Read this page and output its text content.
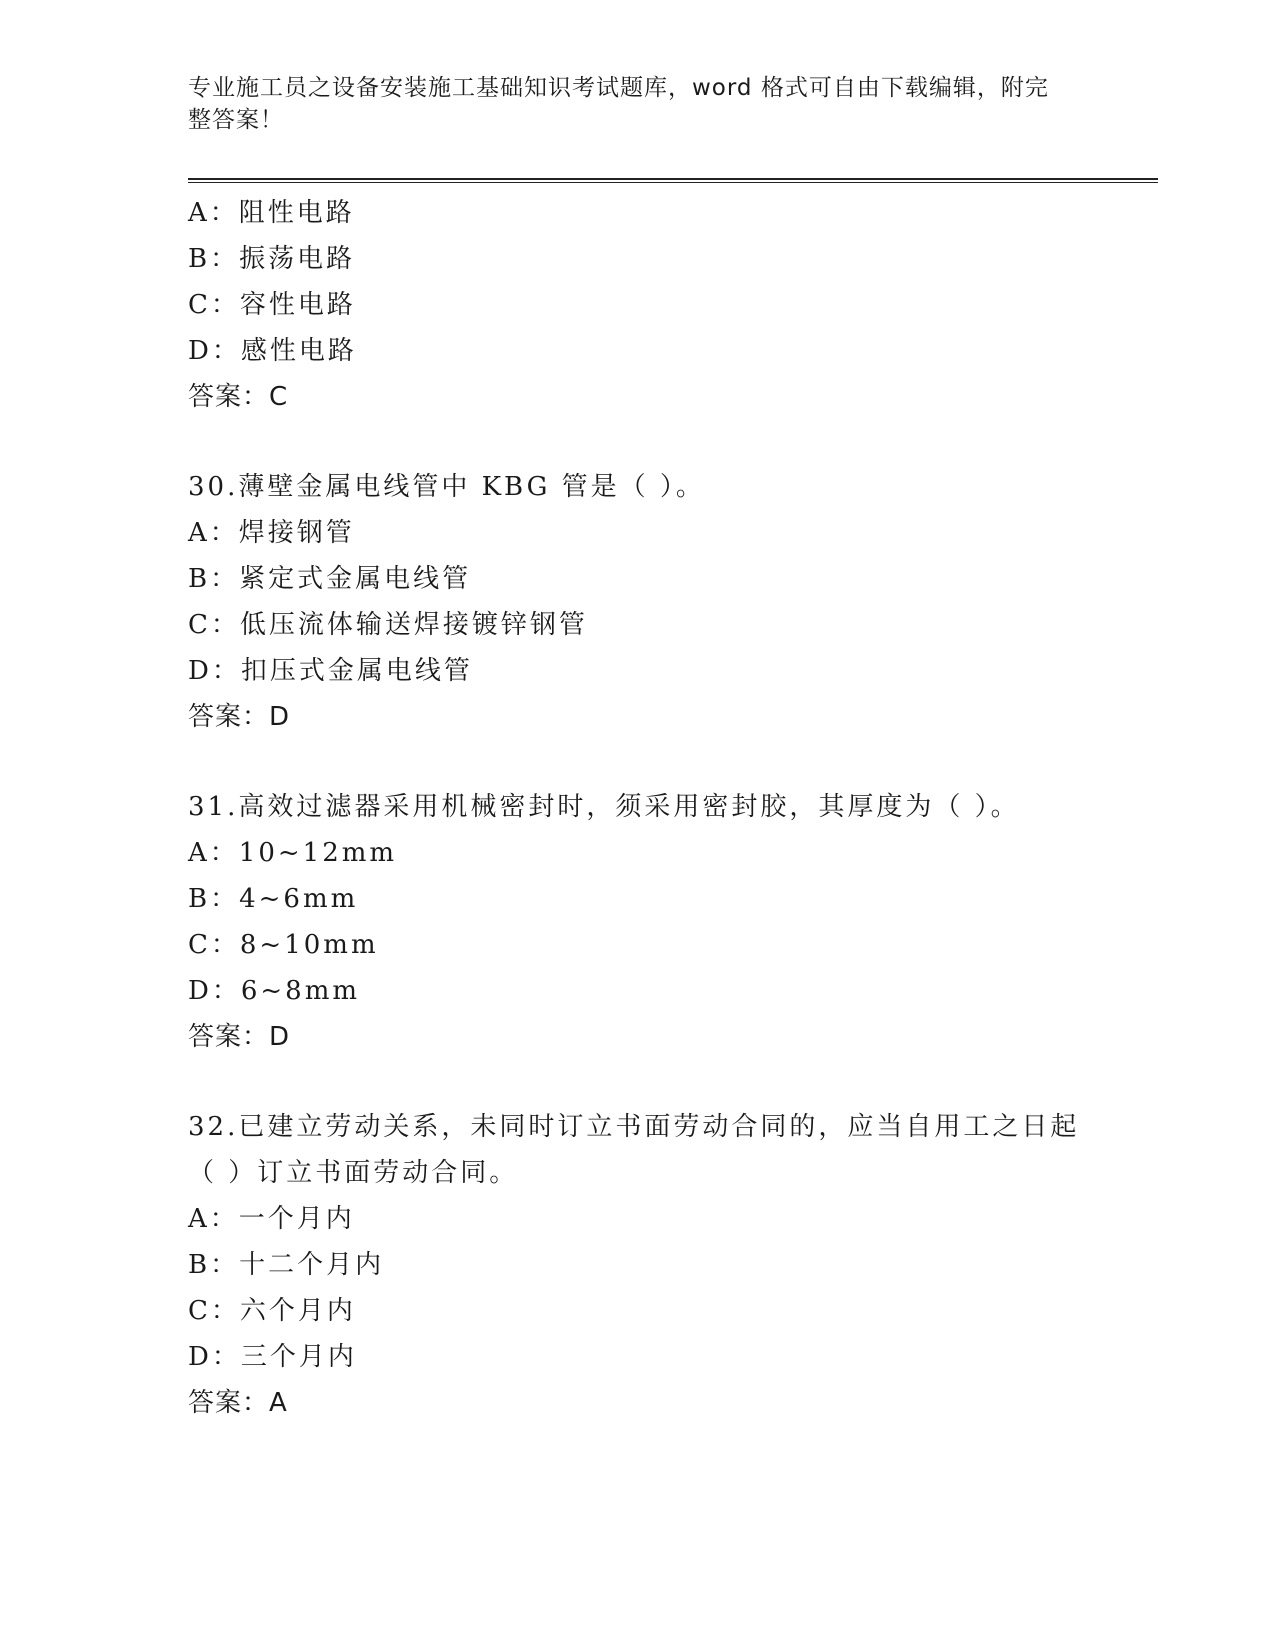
专业施工员之设备安装施工基础知识考试题库，word 格式可自由下载编辑，附完
整答案！
A：阻性电路
B：振荡电路
C：容性电路
D：感性电路
答案：C
30.薄壁金属电线管中 KBG 管是（ ）。
A：焊接钢管
B：紧定式金属电线管
C：低压流体输送焊接镀锌钢管
D：扣压式金属电线管
答案：D
31.高效过滤器采用机械密封时，须采用密封胶，其厚度为（ ）。
A：10~12mm
B：4~6mm
C：8~10mm
D：6~8mm
答案：D
32.已建立劳动关系，未同时订立书面劳动合同的，应当自用工之日起
（ ）订立书面劳动合同。
A：一个月内
B：十二个月内
C：六个月内
D：三个月内
答案：A
